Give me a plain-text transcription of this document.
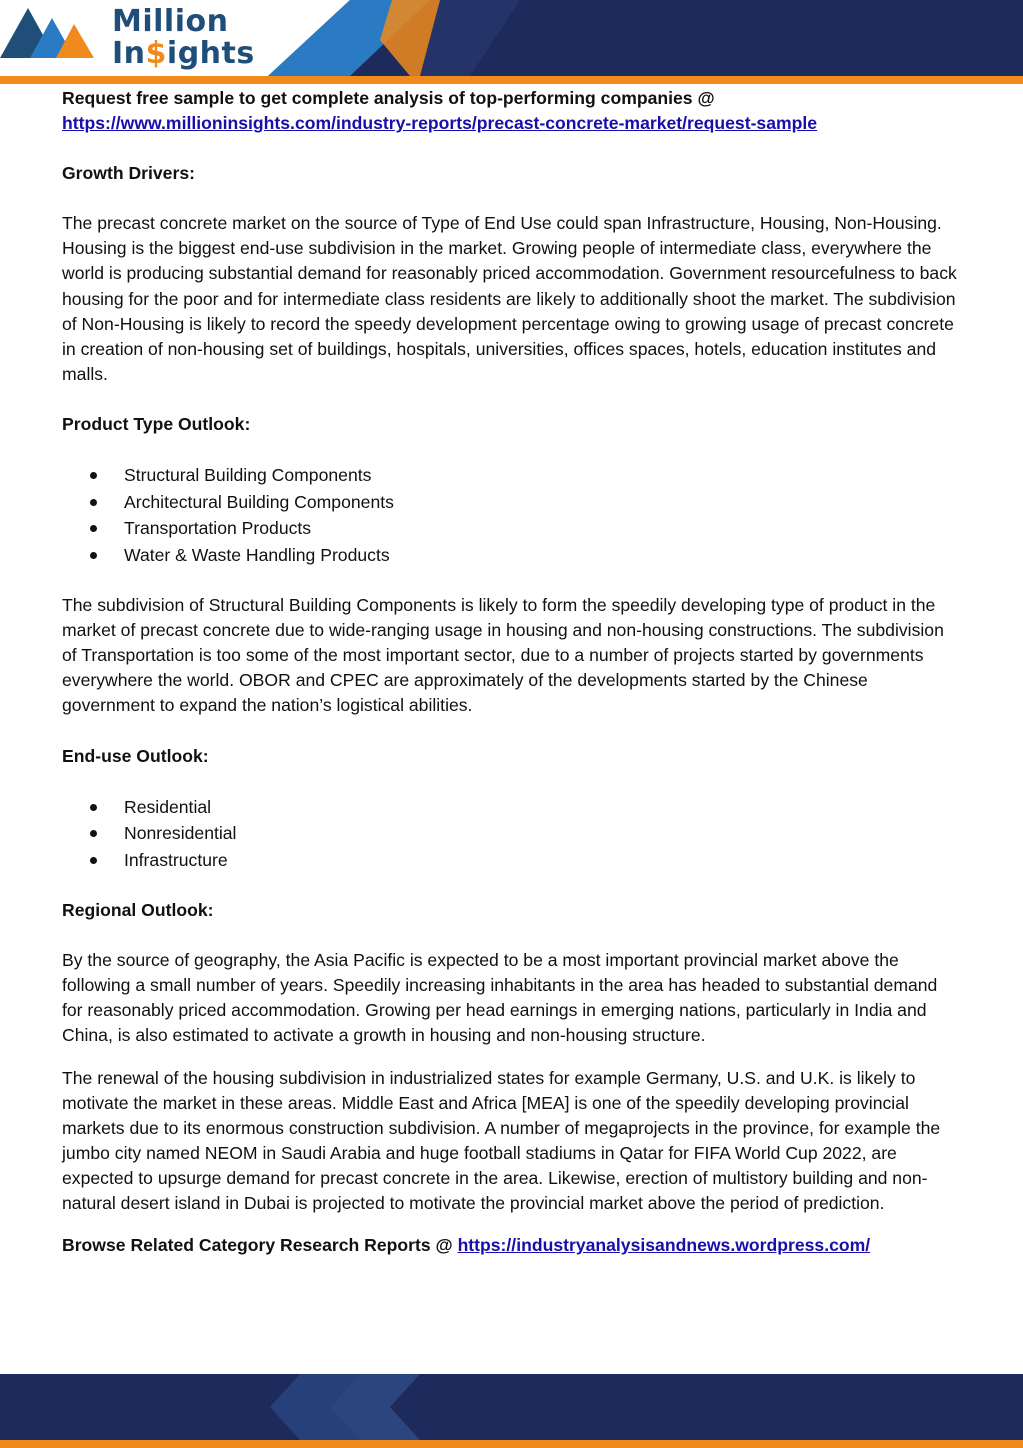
Million
In$ights

Request free sample to get complete analysis of top-performing companies @

https://www.millioninsights.com/industry-reports/precast-concrete-market/request-sample

Growth Drivers:

The precast concrete market on the source of Type of End Use could span Infrastructure, Housing, Non-Housing. Housing is the biggest end-use subdivision in the market. Growing people of intermediate class, everywhere the world is producing substantial demand for reasonably priced accommodation. Government resourcefulness to back housing for the poor and for intermediate class residents are likely to additionally shoot the market. The subdivision of Non-Housing is likely to record the speedy development percentage owing to growing usage of precast concrete in creation of non-housing set of buildings, hospitals, universities, offices spaces, hotels, education institutes and malls.

Product Type Outlook:

Structural Building Components
Architectural Building Components
Transportation Products
Water & Waste Handling Products

The subdivision of Structural Building Components is likely to form the speedily developing type of product in the market of precast concrete due to wide-ranging usage in housing and non-housing constructions. The subdivision of Transportation is too some of the most important sector, due to a number of projects started by governments everywhere the world. OBOR and CPEC are approximately of the developments started by the Chinese government to expand the nation’s logistical abilities.

End-use Outlook:

Residential
Nonresidential
Infrastructure

Regional Outlook:

By the source of geography, the Asia Pacific is expected to be a most important provincial market above the following a small number of years. Speedily increasing inhabitants in the area has headed to substantial demand for reasonably priced accommodation. Growing per head earnings in emerging nations, particularly in India and China, is also estimated to activate a growth in housing and non-housing structure.

The renewal of the housing subdivision in industrialized states for example Germany, U.S. and U.K. is likely to motivate the market in these areas. Middle East and Africa [MEA] is one of the speedily developing provincial markets due to its enormous construction subdivision. A number of megaprojects in the province, for example the jumbo city named NEOM in Saudi Arabia and huge football stadiums in Qatar for FIFA World Cup 2022, are expected to upsurge demand for precast concrete in the area. Likewise, erection of multistory building and non-natural desert island in Dubai is projected to motivate the provincial market above the period of prediction.

Browse Related Category Research Reports @ https://industryanalysisandnews.wordpress.com/
